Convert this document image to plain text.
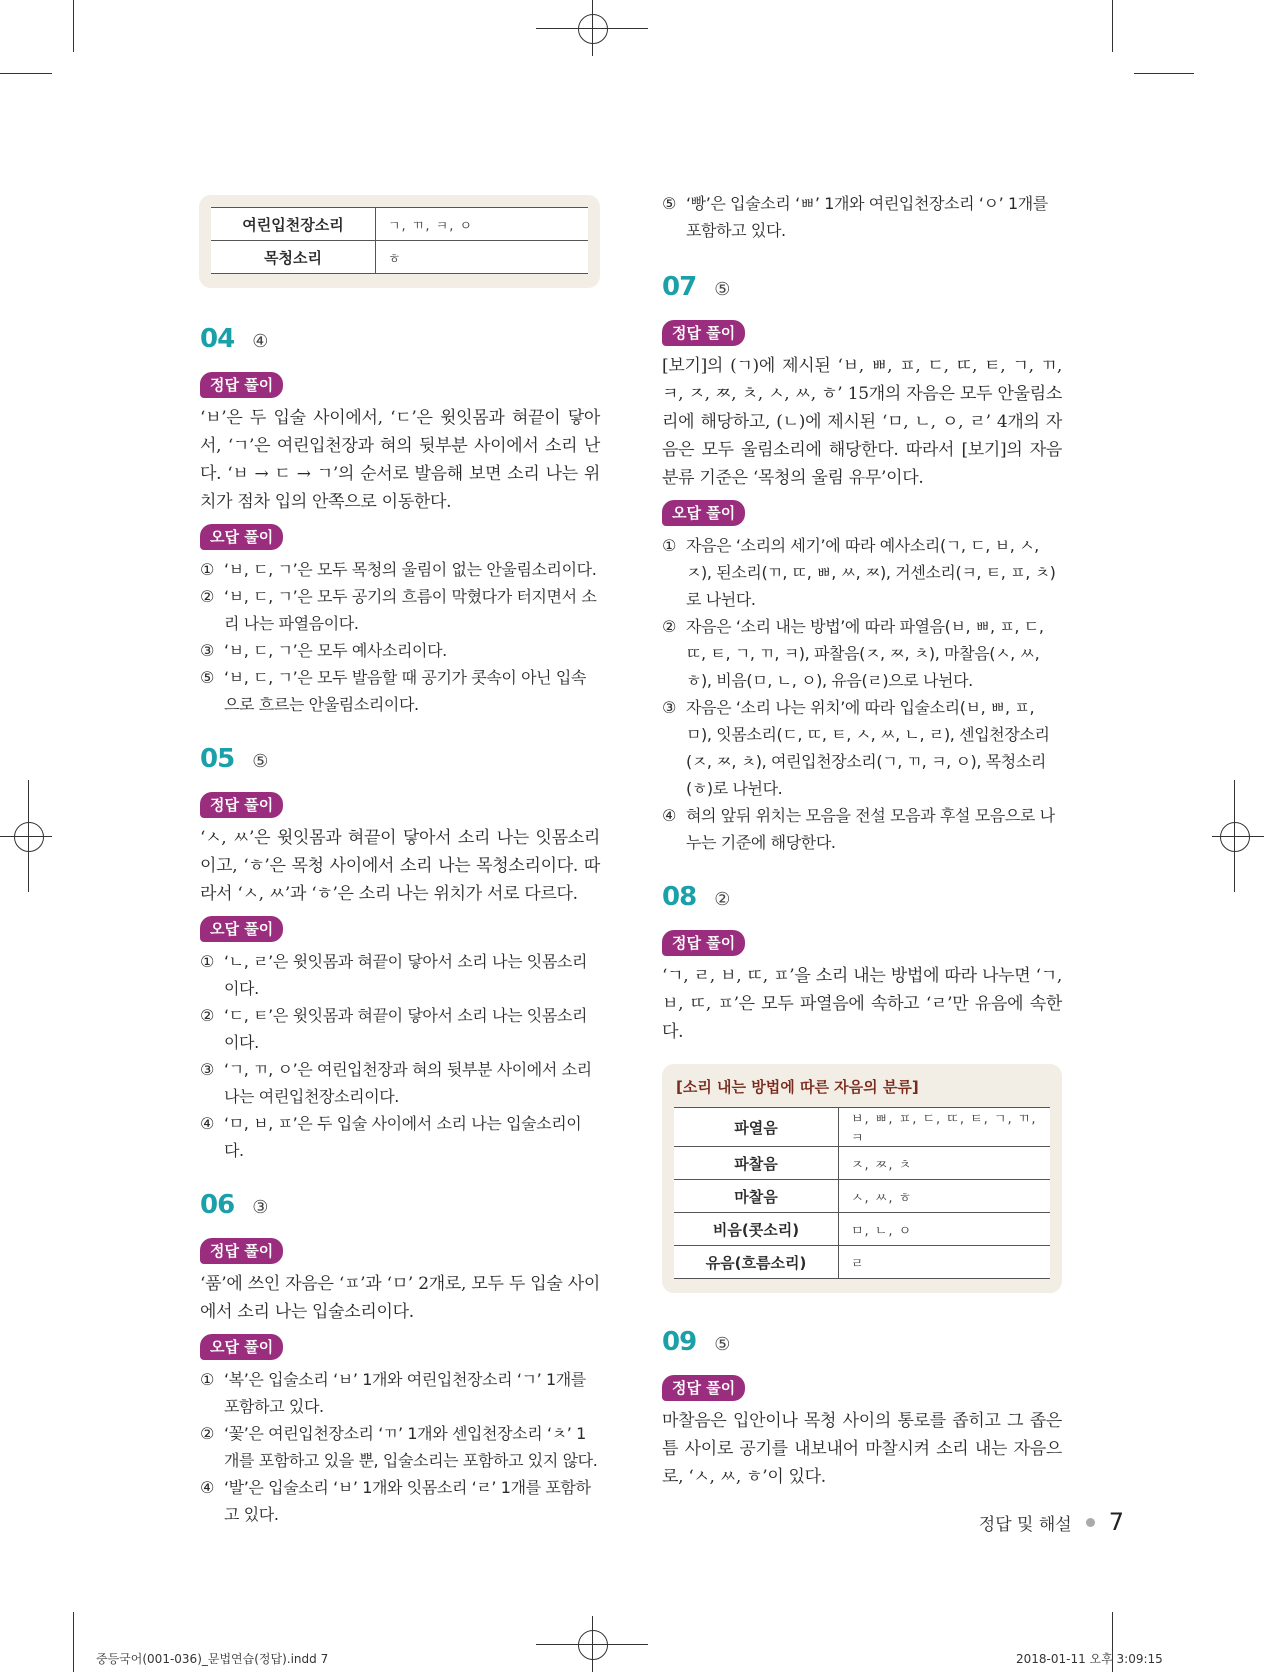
여린입천장소리	ㄱ, ㄲ, ㅋ, ㅇ
목청소리	ㅎ
04 ④
정답 풀이

‘ㅂ’은 두 입술 사이에서, ‘ㄷ’은 윗잇몸과 혀끝이 닿아서, ‘ㄱ’은 여린입천장과 혀의 뒷부분 사이에서 소리 난다. ‘ㅂ → ㄷ → ㄱ’의 순서로 발음해 보면 소리 나는 위치가 점차 입의 안쪽으로 이동한다.

오답 풀이
① ‘ㅂ, ㄷ, ㄱ’은 모두 목청의 울림이 없는 안울림소리이다.
② ‘ㅂ, ㄷ, ㄱ’은 모두 공기의 흐름이 막혔다가 터지면서 소리 나는 파열음이다.
③ ‘ㅂ, ㄷ, ㄱ’은 모두 예사소리이다.
⑤ ‘ㅂ, ㄷ, ㄱ’은 모두 발음할 때 공기가 콧속이 아닌 입속으로 흐르는 안울림소리이다.
05 ⑤
정답 풀이

‘ㅅ, ㅆ’은 윗잇몸과 혀끝이 닿아서 소리 나는 잇몸소리이고, ‘ㅎ’은 목청 사이에서 소리 나는 목청소리이다. 따라서 ‘ㅅ, ㅆ’과 ‘ㅎ’은 소리 나는 위치가 서로 다르다.

오답 풀이
① ‘ㄴ, ㄹ’은 윗잇몸과 혀끝이 닿아서 소리 나는 잇몸소리이다.
② ‘ㄷ, ㅌ’은 윗잇몸과 혀끝이 닿아서 소리 나는 잇몸소리이다.
③ ‘ㄱ, ㄲ, ㅇ’은 여린입천장과 혀의 뒷부분 사이에서 소리 나는 여린입천장소리이다.
④ ‘ㅁ, ㅂ, ㅍ’은 두 입술 사이에서 소리 나는 입술소리이다.
06 ③
정답 풀이

‘품’에 쓰인 자음은 ‘ㅍ’과 ‘ㅁ’ 2개로, 모두 두 입술 사이에서 소리 나는 입술소리이다.

오답 풀이
① ‘복’은 입술소리 ‘ㅂ’ 1개와 여린입천장소리 ‘ㄱ’ 1개를 포함하고 있다.
② ‘꽃’은 여린입천장소리 ‘ㄲ’ 1개와 센입천장소리 ‘ㅊ’ 1개를 포함하고 있을 뿐, 입술소리는 포함하고 있지 않다.
④ ‘발’은 입술소리 ‘ㅂ’ 1개와 잇몸소리 ‘ㄹ’ 1개를 포함하고 있다.
⑤ ‘빵’은 입술소리 ‘ㅃ’ 1개와 여린입천장소리 ‘ㅇ’ 1개를 포함하고 있다.
07 ⑤
정답 풀이

[보기]의 (ㄱ)에 제시된 ‘ㅂ, ㅃ, ㅍ, ㄷ, ㄸ, ㅌ, ㄱ, ㄲ, ㅋ, ㅈ, ㅉ, ㅊ, ㅅ, ㅆ, ㅎ’ 15개의 자음은 모두 안울림소리에 해당하고, (ㄴ)에 제시된 ‘ㅁ, ㄴ, ㅇ, ㄹ’ 4개의 자음은 모두 울림소리에 해당한다. 따라서 [보기]의 자음 분류 기준은 ‘목청의 울림 유무’이다.

오답 풀이
① 자음은 ‘소리의 세기’에 따라 예사소리(ㄱ, ㄷ, ㅂ, ㅅ, ㅈ), 된소리(ㄲ, ㄸ, ㅃ, ㅆ, ㅉ), 거센소리(ㅋ, ㅌ, ㅍ, ㅊ)로 나뉜다.
② 자음은 ‘소리 내는 방법’에 따라 파열음(ㅂ, ㅃ, ㅍ, ㄷ, ㄸ, ㅌ, ㄱ, ㄲ, ㅋ), 파찰음(ㅈ, ㅉ, ㅊ), 마찰음(ㅅ, ㅆ, ㅎ), 비음(ㅁ, ㄴ, ㅇ), 유음(ㄹ)으로 나뉜다.
③ 자음은 ‘소리 나는 위치’에 따라 입술소리(ㅂ, ㅃ, ㅍ, ㅁ), 잇몸소리(ㄷ, ㄸ, ㅌ, ㅅ, ㅆ, ㄴ, ㄹ), 센입천장소리(ㅈ, ㅉ, ㅊ), 여린입천장소리(ㄱ, ㄲ, ㅋ, ㅇ), 목청소리(ㅎ)로 나뉜다.
④ 혀의 앞뒤 위치는 모음을 전설 모음과 후설 모음으로 나누는 기준에 해당한다.
08 ②
정답 풀이

‘ㄱ, ㄹ, ㅂ, ㄸ, ㅍ’을 소리 내는 방법에 따라 나누면 ‘ㄱ, ㅂ, ㄸ, ㅍ’은 모두 파열음에 속하고 ‘ㄹ’만 유음에 속한다.

[소리 내는 방법에 따른 자음의 분류]
파열음	ㅂ, ㅃ, ㅍ, ㄷ, ㄸ, ㅌ, ㄱ, ㄲ, ㅋ
파찰음	ㅈ, ㅉ, ㅊ
마찰음	ㅅ, ㅆ, ㅎ
비음(콧소리)	ㅁ, ㄴ, ㅇ
유음(흐름소리)	ㄹ
09 ⑤
정답 풀이

마찰음은 입안이나 목청 사이의 통로를 좁히고 그 좁은 틈 사이로 공기를 내보내어 마찰시켜 소리 내는 자음으로, ‘ㅅ, ㅆ, ㅎ’이 있다.

정답 및 해설 7
중등국어(001-036)_문법연습(정답).indd 7	2018-01-11 오후 3:09:15
